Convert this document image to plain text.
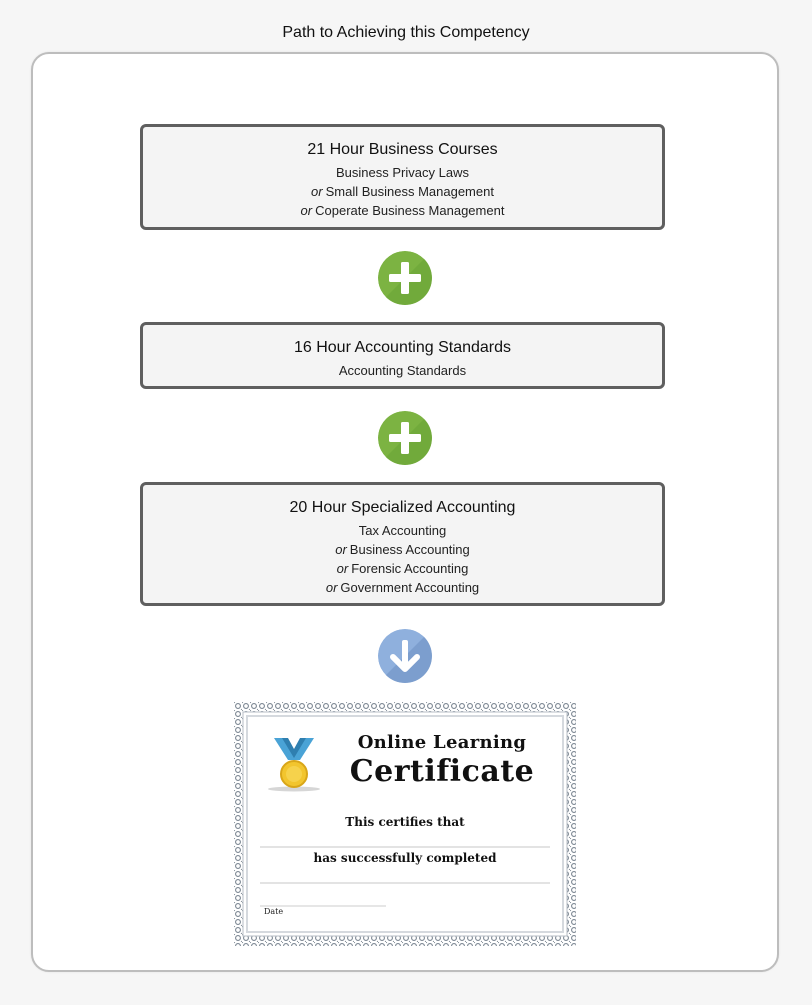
Path to Achieving this Competency
21 Hour Business Courses
Business Privacy Laws
or Small Business Management
or Coperate Business Management
16 Hour Accounting Standards
Accounting Standards
20 Hour Specialized Accounting
Tax Accounting
or Business Accounting
or Forensic Accounting
or Government Accounting
Online Learning
Certificate
This certifies that
has successfully completed
Date
